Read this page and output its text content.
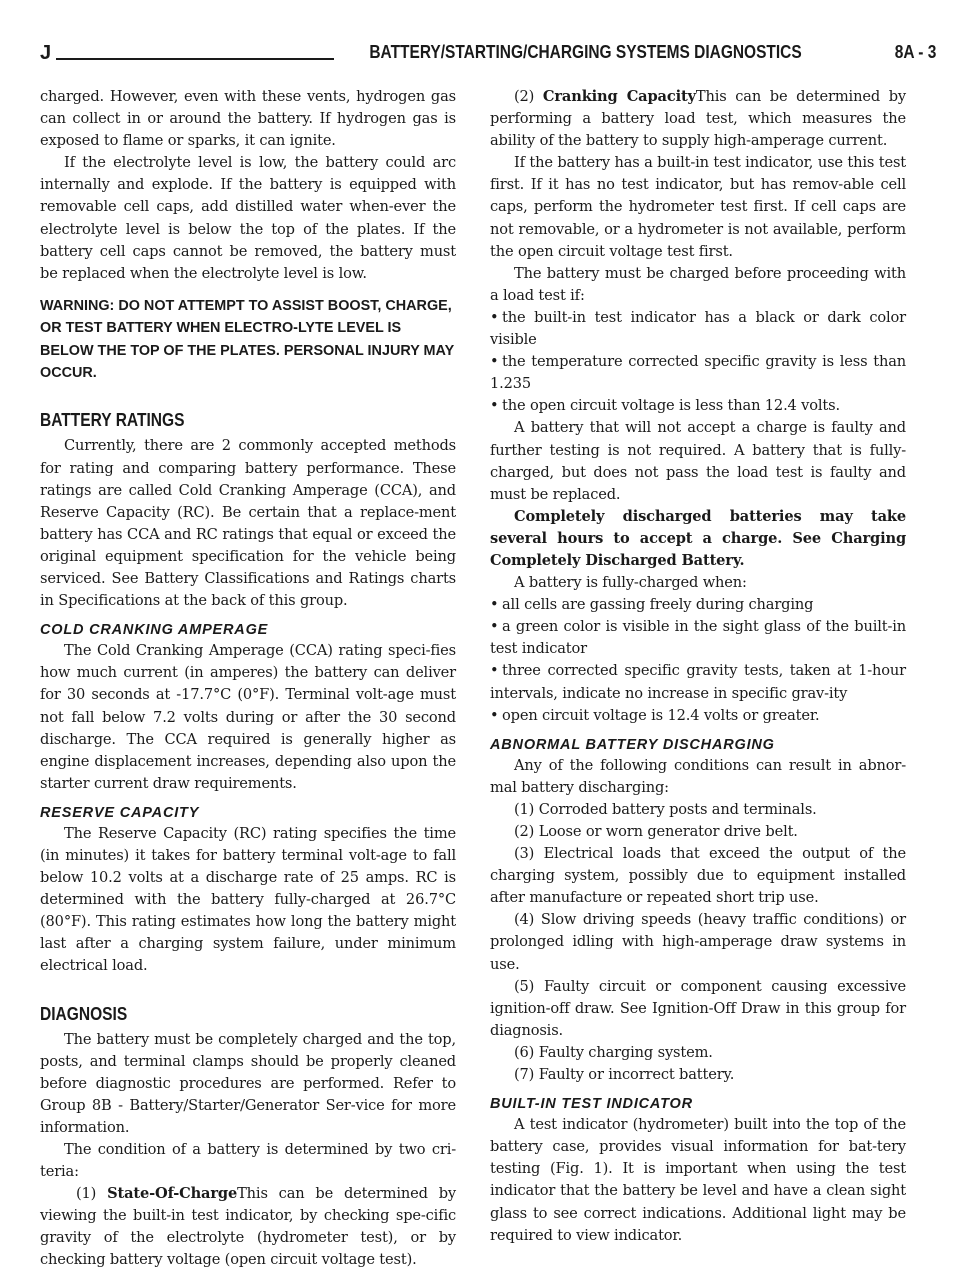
J	BATTERY/STARTING/CHARGING SYSTEMS DIAGNOSTICS	8A - 3

charged. However, even with these vents, hydrogen gas can collect in or around the battery. If hydrogen gas is exposed to flame or sparks, it can ignite.

If the electrolyte level is low, the battery could arc internally and explode. If the battery is equipped with removable cell caps, add distilled water when-ever the electrolyte level is below the top of the plates. If the battery cell caps cannot be removed, the battery must be replaced when the electrolyte level is low.

WARNING: DO NOT ATTEMPT TO ASSIST BOOST, CHARGE, OR TEST BATTERY WHEN ELECTRO-LYTE LEVEL IS BELOW THE TOP OF THE PLATES. PERSONAL INJURY MAY OCCUR.

BATTERY RATINGS

Currently, there are 2 commonly accepted methods for rating and comparing battery performance. These ratings are called Cold Cranking Amperage (CCA), and Reserve Capacity (RC). Be certain that a replace-ment battery has CCA and RC ratings that equal or exceed the original equipment specification for the vehicle being serviced. See Battery Classifications and Ratings charts in Specifications at the back of this group.

COLD CRANKING AMPERAGE

The Cold Cranking Amperage (CCA) rating speci-fies how much current (in amperes) the battery can deliver for 30 seconds at -17.7°C (0°F). Terminal volt-age must not fall below 7.2 volts during or after the 30 second discharge. The CCA required is generally higher as engine displacement increases, depending also upon the starter current draw requirements.

RESERVE CAPACITY

The Reserve Capacity (RC) rating specifies the time (in minutes) it takes for battery terminal volt-age to fall below 10.2 volts at a discharge rate of 25 amps. RC is determined with the battery fully-charged at 26.7°C (80°F). This rating estimates how long the battery might last after a charging system failure, under minimum electrical load.

DIAGNOSIS

The battery must be completely charged and the top, posts, and terminal clamps should be properly cleaned before diagnostic procedures are performed. Refer to Group 8B - Battery/Starter/Generator Ser-vice for more information.

The condition of a battery is determined by two cri-teria:

(1) State-Of-ChargeThis can be determined by viewing the built-in test indicator, by checking spe-cific gravity of the electrolyte (hydrometer test), or by checking battery voltage (open circuit voltage test).

(2) Cranking CapacityThis can be determined by performing a battery load test, which measures the ability of the battery to supply high-amperage current.

If the battery has a built-in test indicator, use this test first. If it has no test indicator, but has remov-able cell caps, perform the hydrometer test first. If cell caps are not removable, or a hydrometer is not available, perform the open circuit voltage test first.

The battery must be charged before proceeding with a load test if:

• the built-in test indicator has a black or dark color visible

• the temperature corrected specific gravity is less than 1.235

• the open circuit voltage is less than 12.4 volts.

A battery that will not accept a charge is faulty and further testing is not required. A battery that is fully-charged, but does not pass the load test is faulty and must be replaced.

Completely discharged batteries may take several hours to accept a charge. See Charging Completely Discharged Battery.

A battery is fully-charged when:

• all cells are gassing freely during charging

• a green color is visible in the sight glass of the built-in test indicator

• three corrected specific gravity tests, taken at 1-hour intervals, indicate no increase in specific grav-ity

• open circuit voltage is 12.4 volts or greater.

ABNORMAL BATTERY DISCHARGING

Any of the following conditions can result in abnor-mal battery discharging:

(1) Corroded battery posts and terminals.

(2) Loose or worn generator drive belt.

(3) Electrical loads that exceed the output of the charging system, possibly due to equipment installed after manufacture or repeated short trip use.

(4) Slow driving speeds (heavy traffic conditions) or prolonged idling with high-amperage draw systems in use.

(5) Faulty circuit or component causing excessive ignition-off draw. See Ignition-Off Draw in this group for diagnosis.

(6) Faulty charging system.

(7) Faulty or incorrect battery.

BUILT-IN TEST INDICATOR

A test indicator (hydrometer) built into the top of the battery case, provides visual information for bat-tery testing (Fig. 1). It is important when using the test indicator that the battery be level and have a clean sight glass to see correct indications. Additional light may be required to view indicator.
